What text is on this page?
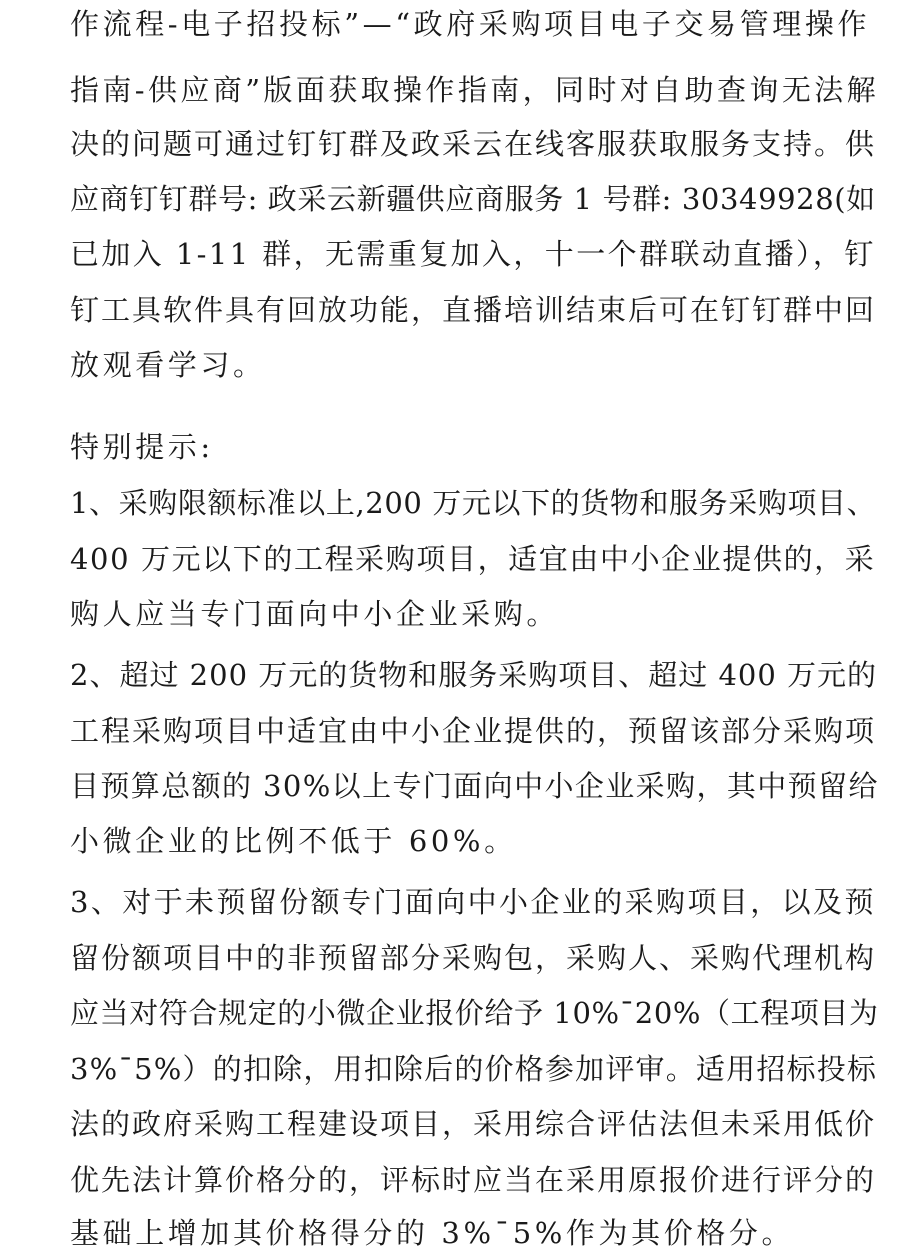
作流程-电子招投标”—“政府采购项目电子交易管理操作
指南-供应商”版面获取操作指南，同时对自助查询无法解
决的问题可通过钉钉群及政采云在线客服获取服务支持。供
应商钉钉群号: 政采云新疆供应商服务 1 号群: 30349928(如
已加入 1-11 群，无需重复加入，十一个群联动直播），钉
钉工具软件具有回放功能，直播培训结束后可在钉钉群中回
放观看学习。
特别提示:
1、采购限额标准以上,200 万元以下的货物和服务采购项目、
400 万元以下的工程采购项目，适宜由中小企业提供的，采
购人应当专门面向中小企业采购。
2、超过 200 万元的货物和服务采购项目、超过 400 万元的
工程采购项目中适宜由中小企业提供的，预留该部分采购项
目预算总额的 30%以上专门面向中小企业采购，其中预留给
小微企业的比例不低于 60%。
3、对于未预留份额专门面向中小企业的采购项目，以及预
留份额项目中的非预留部分采购包，采购人、采购代理机构
应当对符合规定的小微企业报价给予 10%¯20%（工程项目为
3%¯5%）的扣除，用扣除后的价格参加评审。适用招标投标
法的政府采购工程建设项目，采用综合评估法但未采用低价
优先法计算价格分的，评标时应当在采用原报价进行评分的
基础上增加其价格得分的 3%¯5%作为其价格分。
